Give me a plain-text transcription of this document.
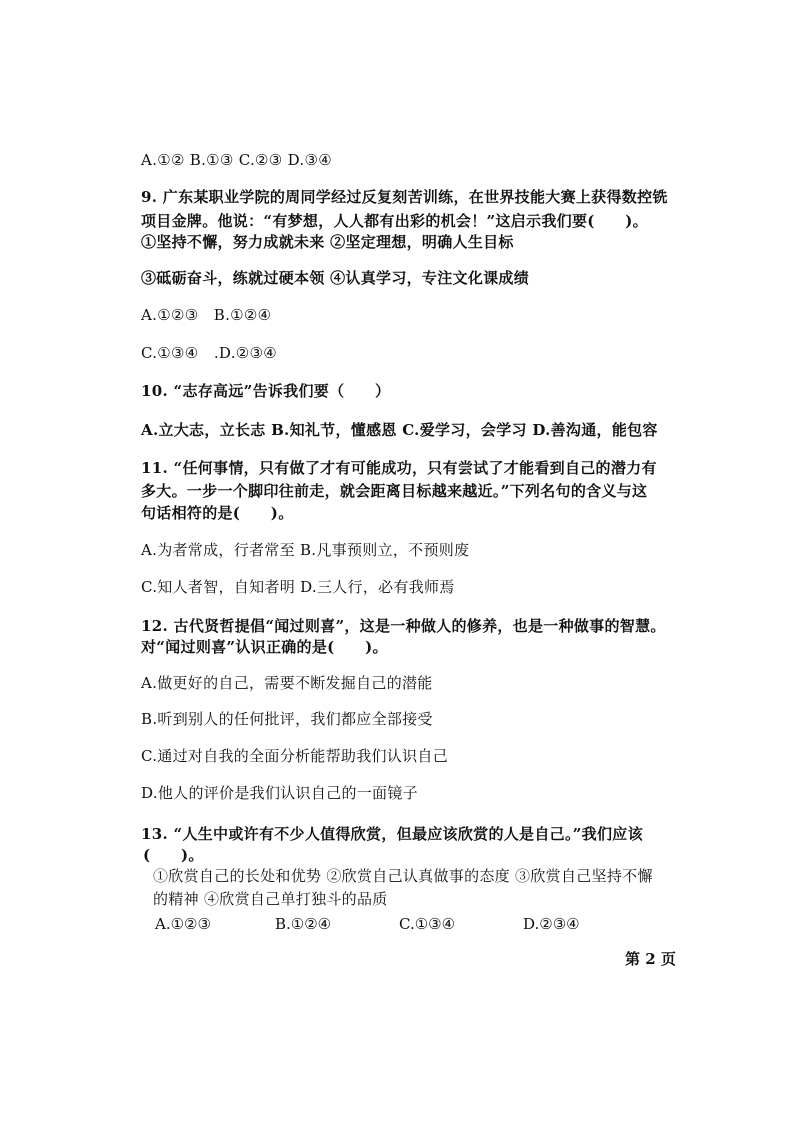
A.①② B.①③ C.②③ D.③④
9. 广东某职业学院的周同学经过反复刻苦训练，在世界技能大赛上获得数控铣
项目金牌。他说：“有梦想，人人都有出彩的机会！”这启示我们要(　　)。
①坚持不懈，努力成就未来 ②坚定理想，明确人生目标
③砥砺奋斗，练就过硬本领 ④认真学习，专注文化课成绩
A.①②③　B.①②④
C.①③④　.D.②③④
10. “志存高远”告诉我们要（　　）
A.立大志，立长志 B.知礼节，懂感恩 C.爱学习，会学习 D.善沟通，能包容
11. “任何事情，只有做了才有可能成功，只有尝试了才能看到自己的潜力有
多大。一步一个脚印往前走，就会距离目标越来越近。”下列名句的含义与这
句话相符的是(　　)。
A.为者常成，行者常至 B.凡事预则立，不预则废
C.知人者智，自知者明 D.三人行，必有我师焉
12. 古代贤哲提倡“闻过则喜”，这是一种做人的修养，也是一种做事的智慧。
对“闻过则喜”认识正确的是(　　)。
A.做更好的自己，需要不断发掘自己的潜能
B.听到别人的任何批评，我们都应全部接受
C.通过对自我的全面分析能帮助我们认识自己
D.他人的评价是我们认识自己的一面镜子
13. “人生中或许有不少人值得欣赏，但最应该欣赏的人是自己。”我们应该
(　　)。
①欣赏自己的长处和优势 ②欣赏自己认真做事的态度 ③欣赏自己坚持不懈
的精神 ④欣赏自己单打独斗的品质
A.①②③	B.①②④	C.①③④	D.②③④
第 2 页
